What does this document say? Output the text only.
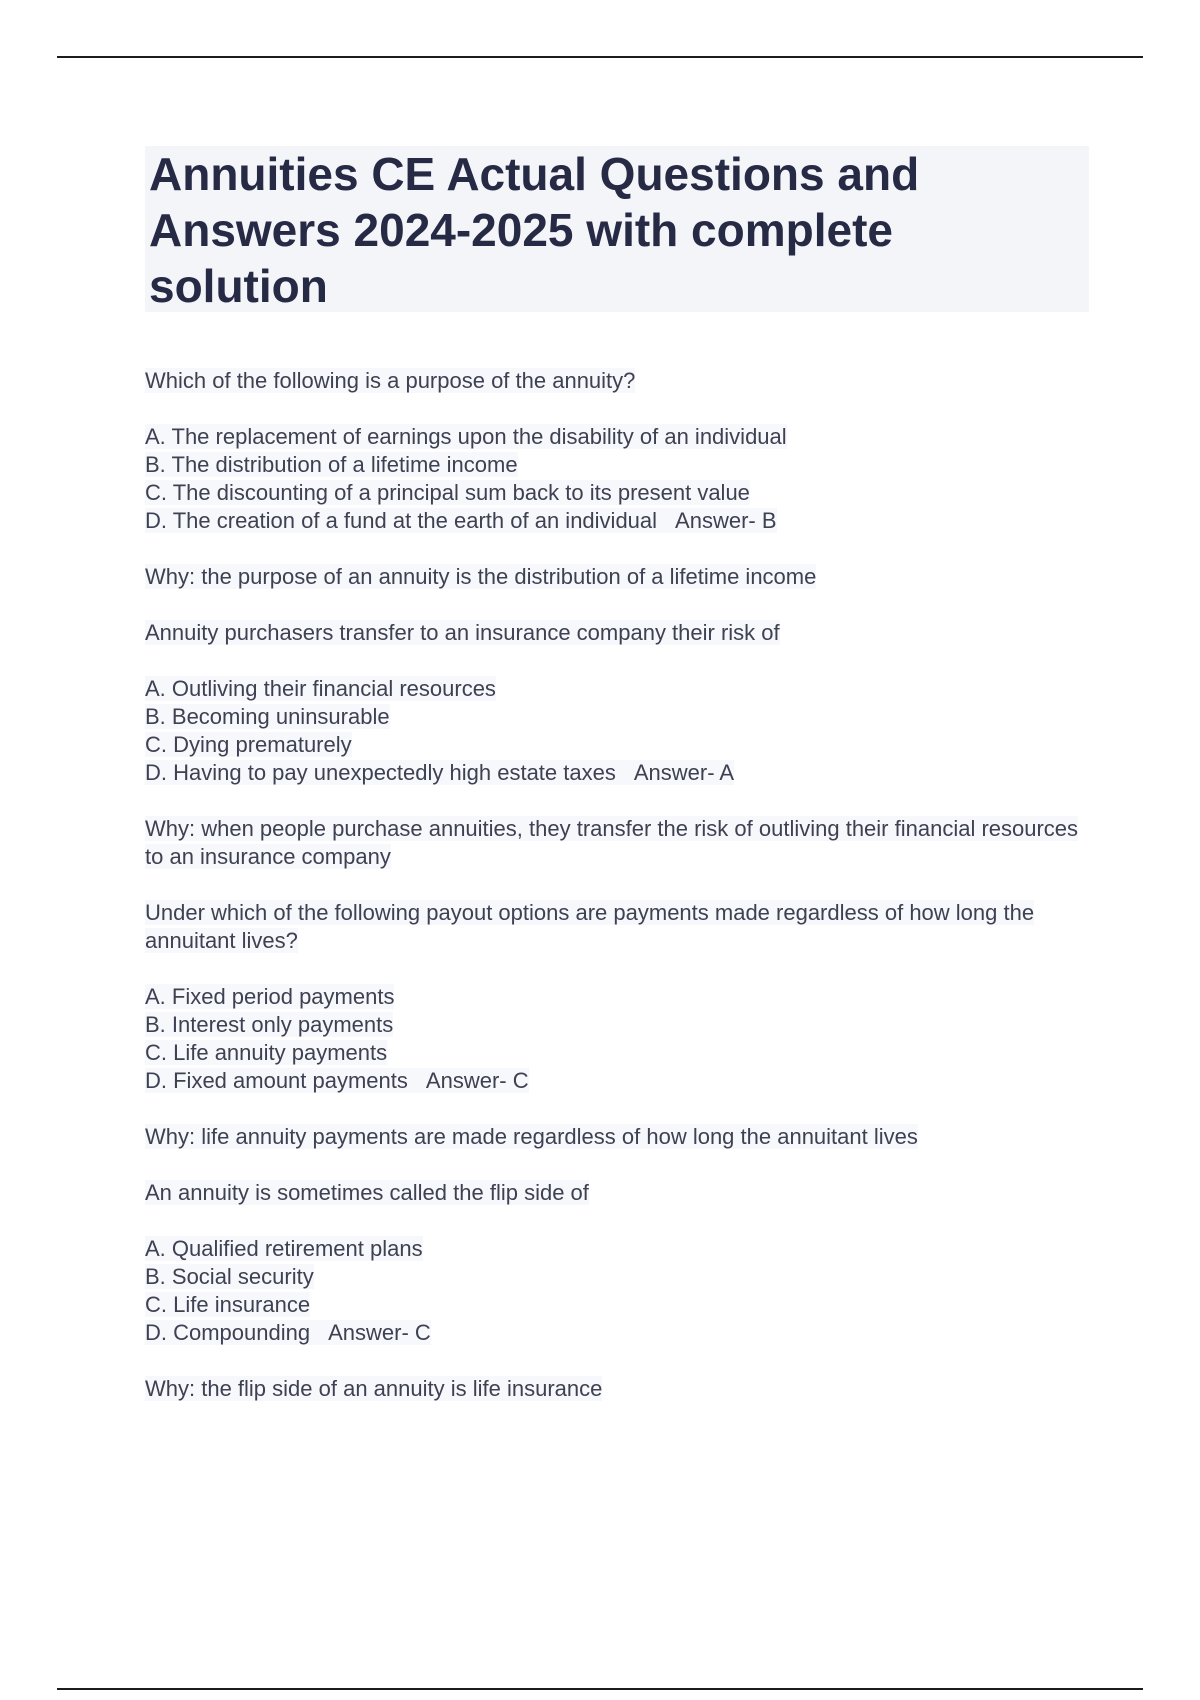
Annuities CE Actual Questions and
Answers 2024-2025 with complete
solution

Which of the following is a purpose of the annuity?

A. The replacement of earnings upon the disability of an individual
B. The distribution of a lifetime income
C. The discounting of a principal sum back to its present value
D. The creation of a fund at the earth of an individual Answer- B

Why: the purpose of an annuity is the distribution of a lifetime income

Annuity purchasers transfer to an insurance company their risk of

A. Outliving their financial resources
B. Becoming uninsurable
C. Dying prematurely
D. Having to pay unexpectedly high estate taxes Answer- A

Why: when people purchase annuities, they transfer the risk of outliving their financial resources to an insurance company

Under which of the following payout options are payments made regardless of how long the annuitant lives?

A. Fixed period payments
B. Interest only payments
C. Life annuity payments
D. Fixed amount payments Answer- C

Why: life annuity payments are made regardless of how long the annuitant lives

An annuity is sometimes called the flip side of

A. Qualified retirement plans
B. Social security
C. Life insurance
D. Compounding Answer- C

Why: the flip side of an annuity is life insurance
